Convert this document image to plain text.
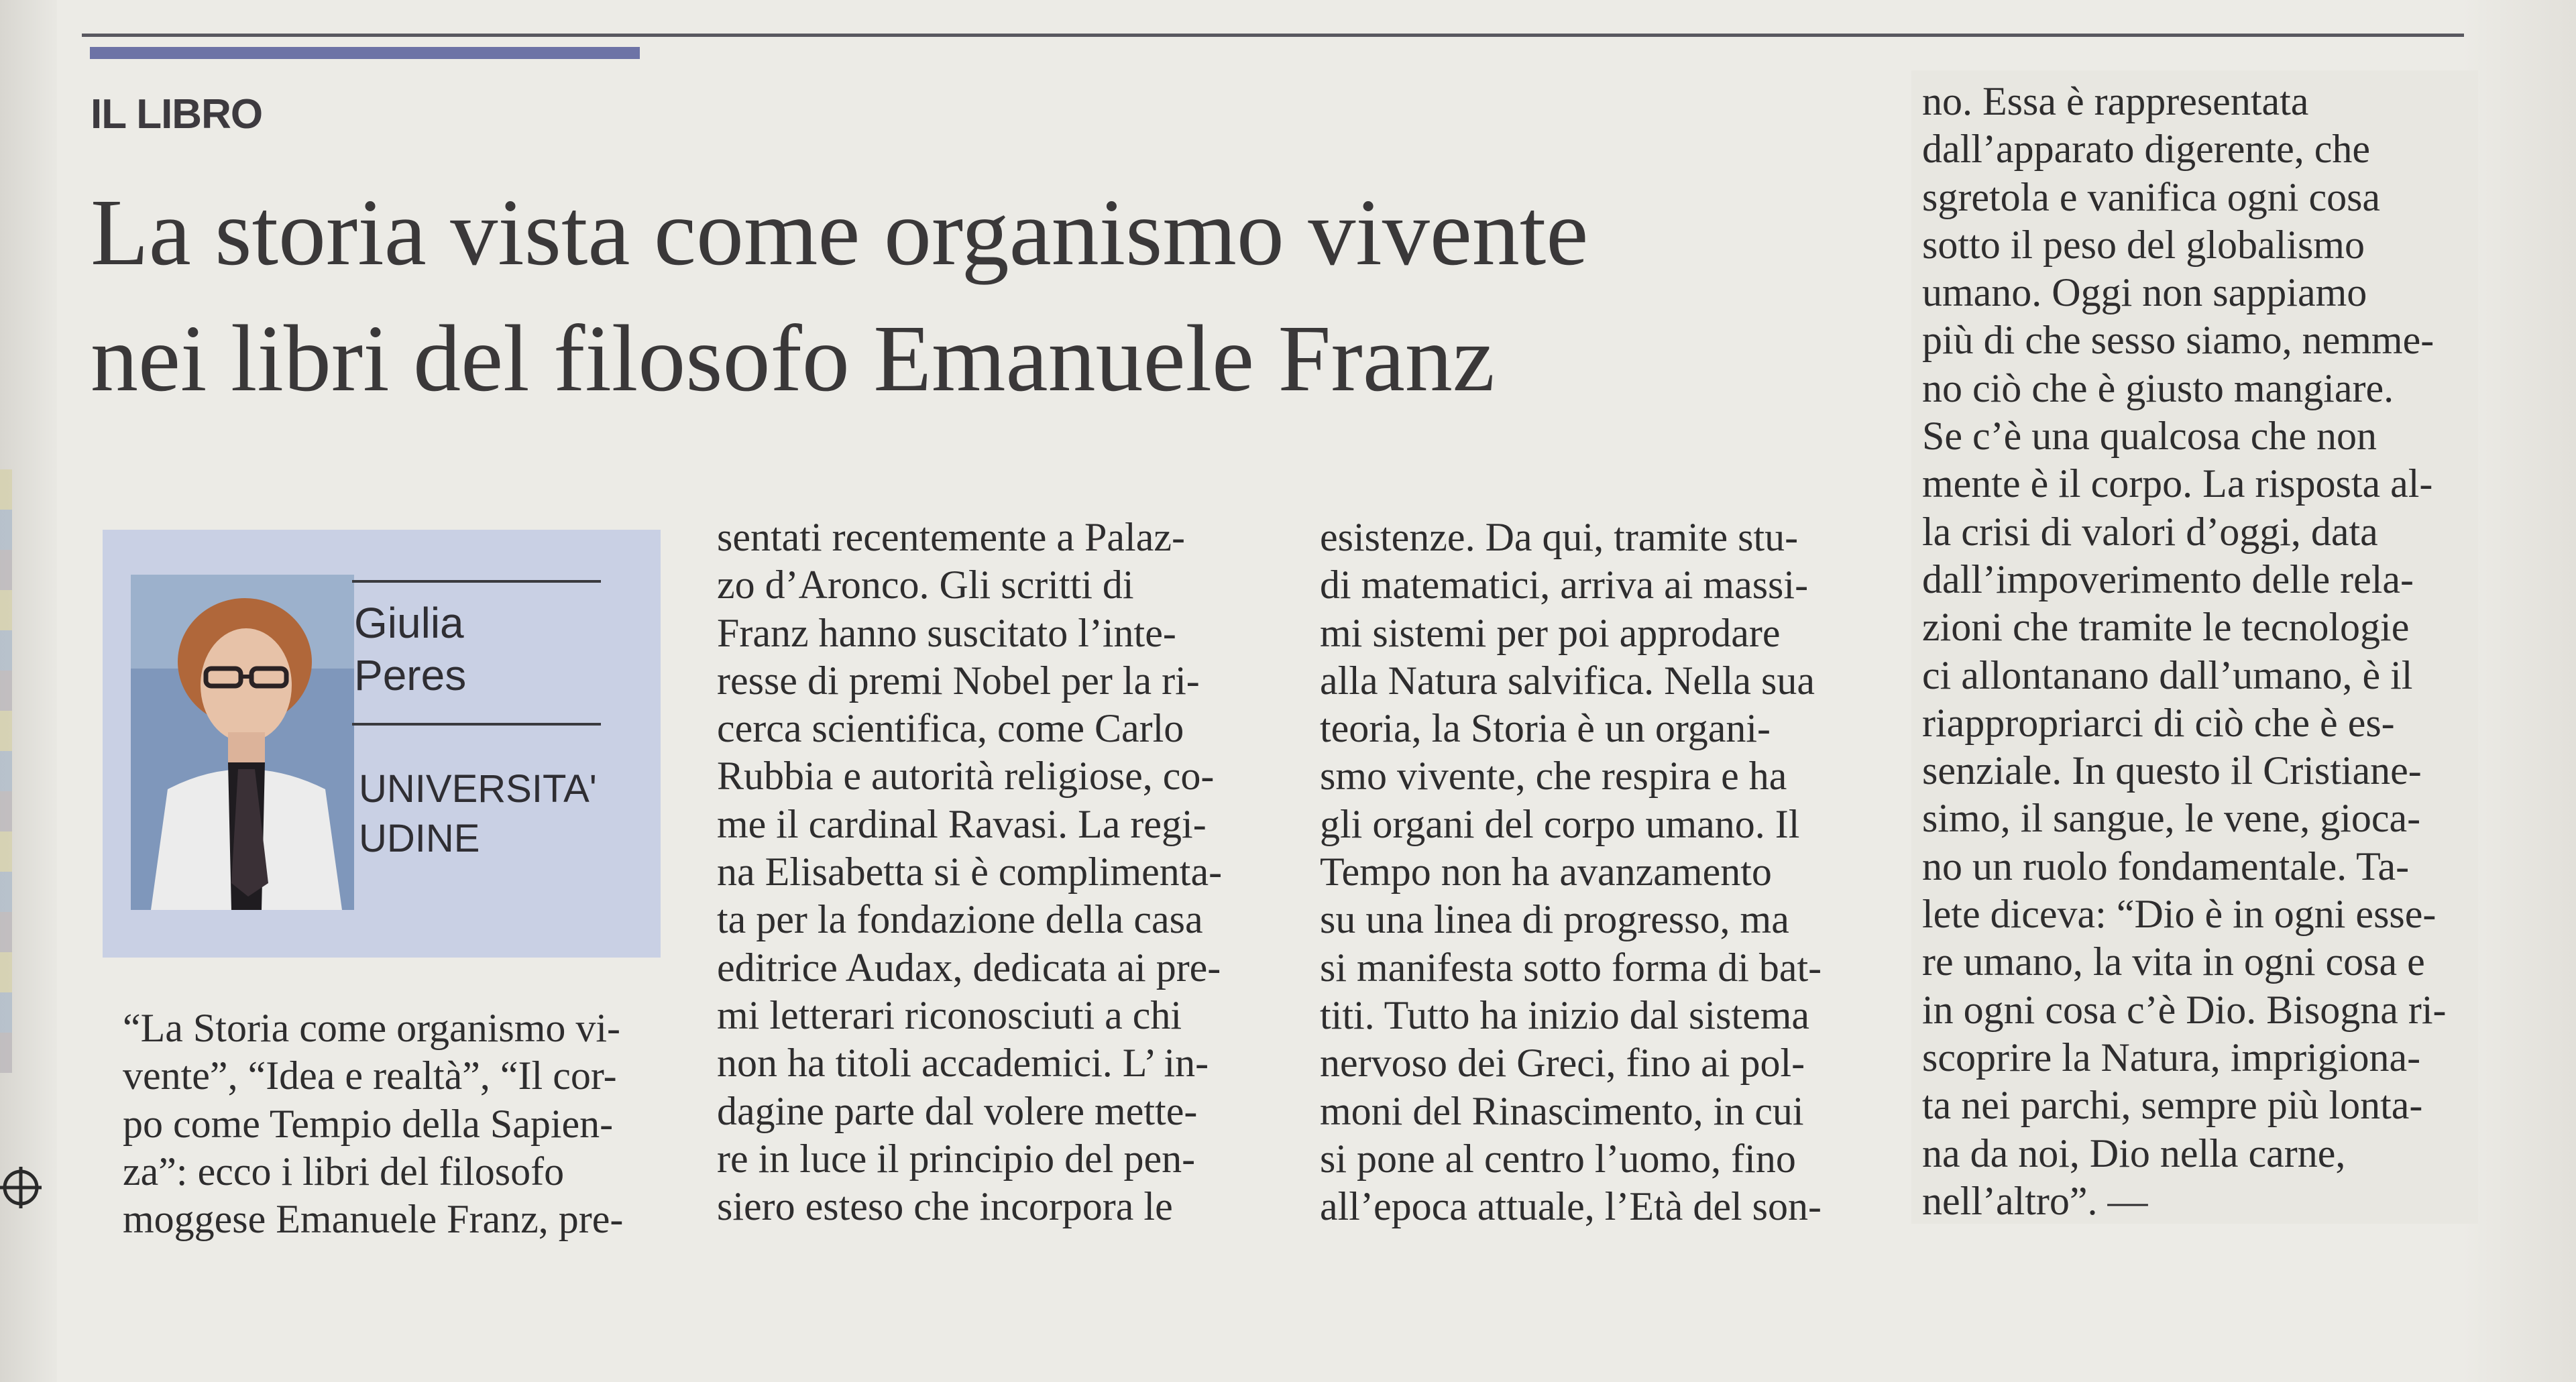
IL LIBRO

La storia vista come organismo vivente
nei libri del filosofo Emanuele Franz

Giulia
Peres

UNIVERSITA'
UDINE

“La Storia come organismo vi-
vente”, “Idea e realtà”, “Il cor-
po come Tempio della Sapien-
za”: ecco i libri del filosofo
moggese Emanuele Franz, pre-
sentati recentemente a Palaz-
zo d’Aronco. Gli scritti di
Franz hanno suscitato l’inte-
resse di premi Nobel per la ri-
cerca scientifica, come Carlo
Rubbia e autorità religiose, co-
me il cardinal Ravasi. La regi-
na Elisabetta si è complimenta-
ta per la fondazione della casa
editrice Audax, dedicata ai pre-
mi letterari riconosciuti a chi
non ha titoli accademici. L’ in-
dagine parte dal volere mette-
re in luce il principio del pen-
siero esteso che incorpora le
esistenze. Da qui, tramite stu-
di matematici, arriva ai massi-
mi sistemi per poi approdare
alla Natura salvifica. Nella sua
teoria, la Storia è un organi-
smo vivente, che respira e ha
gli organi del corpo umano. Il
Tempo non ha avanzamento
su una linea di progresso, ma
si manifesta sotto forma di bat-
titi. Tutto ha inizio dal sistema
nervoso dei Greci, fino ai pol-
moni del Rinascimento, in cui
si pone al centro l’uomo, fino
all’epoca attuale, l’Età del son-
no. Essa è rappresentata
dall’apparato digerente, che
sgretola e vanifica ogni cosa
sotto il peso del globalismo
umano. Oggi non sappiamo
più di che sesso siamo, nemme-
no ciò che è giusto mangiare.
Se c’è una qualcosa che non
mente è il corpo. La risposta al-
la crisi di valori d’oggi, data
dall’impoverimento delle rela-
zioni che tramite le tecnologie
ci allontanano dall’umano, è il
riappropriarci di ciò che è es-
senziale. In questo il Cristiane-
simo, il sangue, le vene, gioca-
no un ruolo fondamentale. Ta-
lete diceva: “Dio è in ogni esse-
re umano, la vita in ogni cosa e
in ogni cosa c’è Dio. Bisogna ri-
scoprire la Natura, imprigiona-
ta nei parchi, sempre più lonta-
na da noi, Dio nella carne,
nell’altro”. —
